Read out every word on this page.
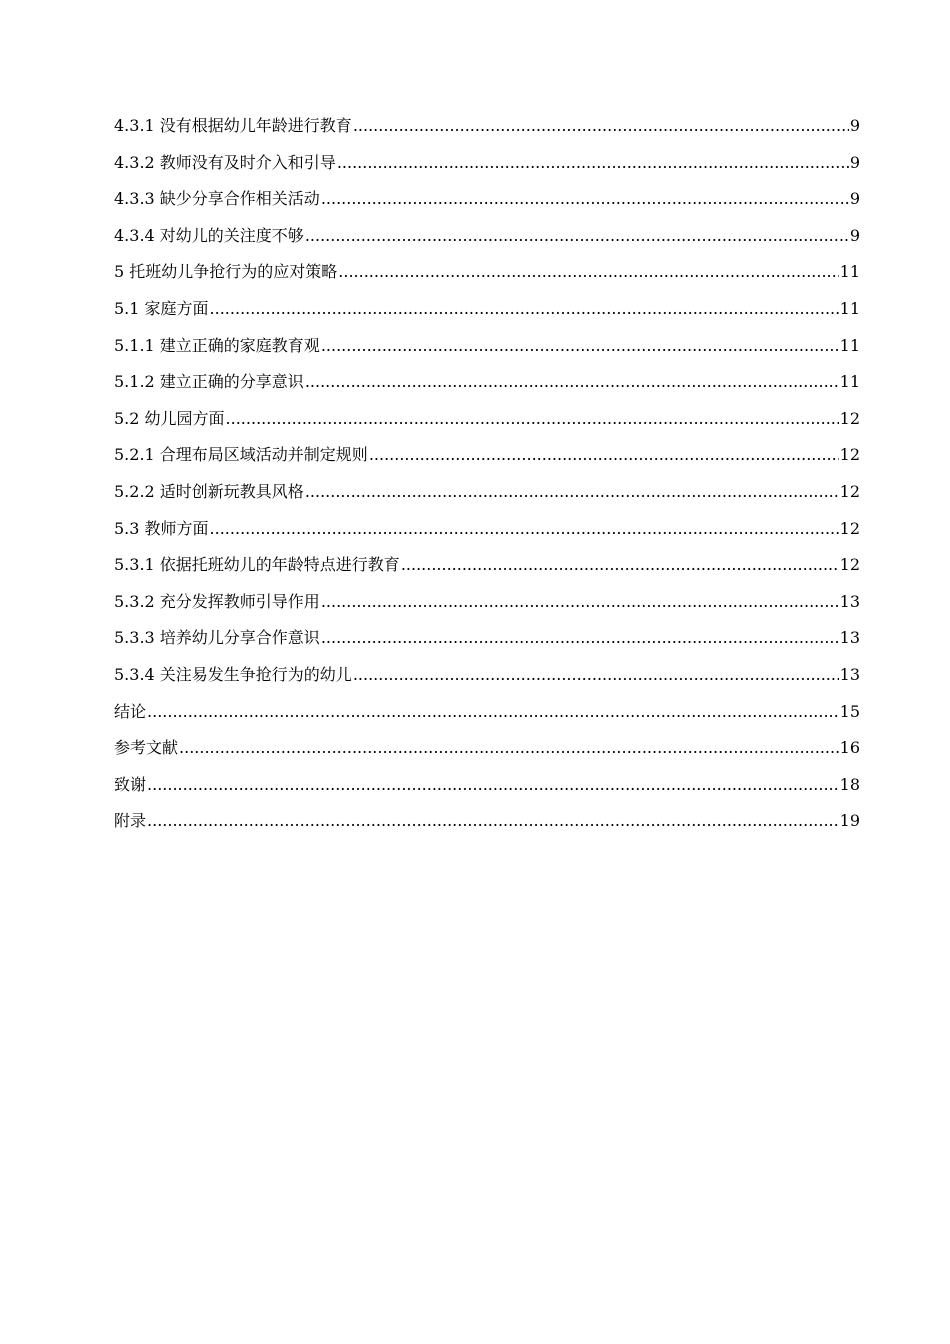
4.3.1 没有根据幼儿年龄进行教育 .....	9
4.3.2 教师没有及时介入和引导 .....	9
4.3.3 缺少分享合作相关活动 .....	9
4.3.4 对幼儿的关注度不够 .....	9
5 托班幼儿争抢行为的应对策略 .....	11
5.1 家庭方面 .....	11
5.1.1 建立正确的家庭教育观 .....	11
5.1.2 建立正确的分享意识 .....	11
5.2 幼儿园方面 .....	12
5.2.1 合理布局区域活动并制定规则 .....	12
5.2.2 适时创新玩教具风格 .....	12
5.3 教师方面 .....	12
5.3.1 依据托班幼儿的年龄特点进行教育 .....	12
5.3.2 充分发挥教师引导作用 .....	13
5.3.3 培养幼儿分享合作意识 .....	13
5.3.4 关注易发生争抢行为的幼儿 .....	13
结论 .....	15
参考文献 .....	16
致谢 .....	18
附录 .....	19
